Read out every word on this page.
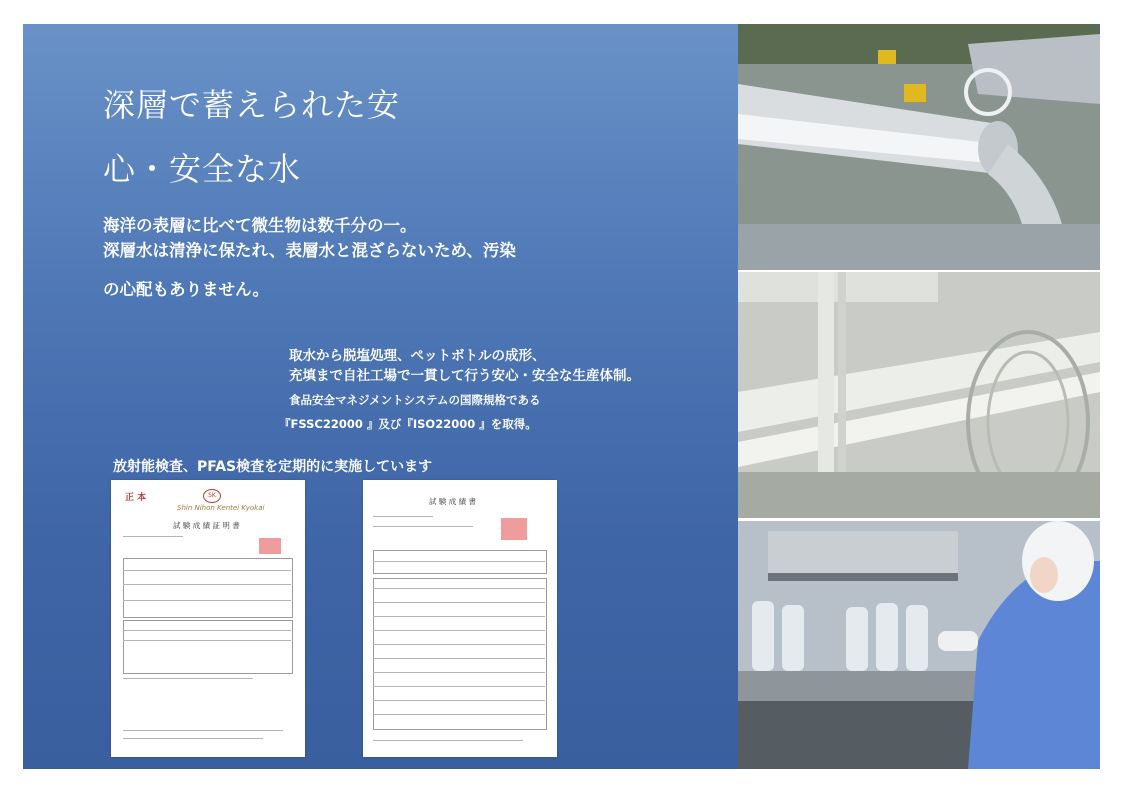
深層で蓄えられた安
心・安全な水
海洋の表層に比べて微生物は数千分の一。
深層水は清浄に保たれ、表層水と混ざらないため、汚染
の心配もありません。
取水から脱塩処理、ペットボトルの成形、
充填まで自社工場で一貫して行う安心・安全な生産体制。
食品安全マネジメントシステムの国際規格である
『FSSC22000 』及び『ISO22000 』を取得。
放射能検査、PFAS検査を定期的に実施しています
正 本	SK
Shin Nihon Kentei Kyokai
試 験 成 績 証 明 書
試 験 成 績 書
